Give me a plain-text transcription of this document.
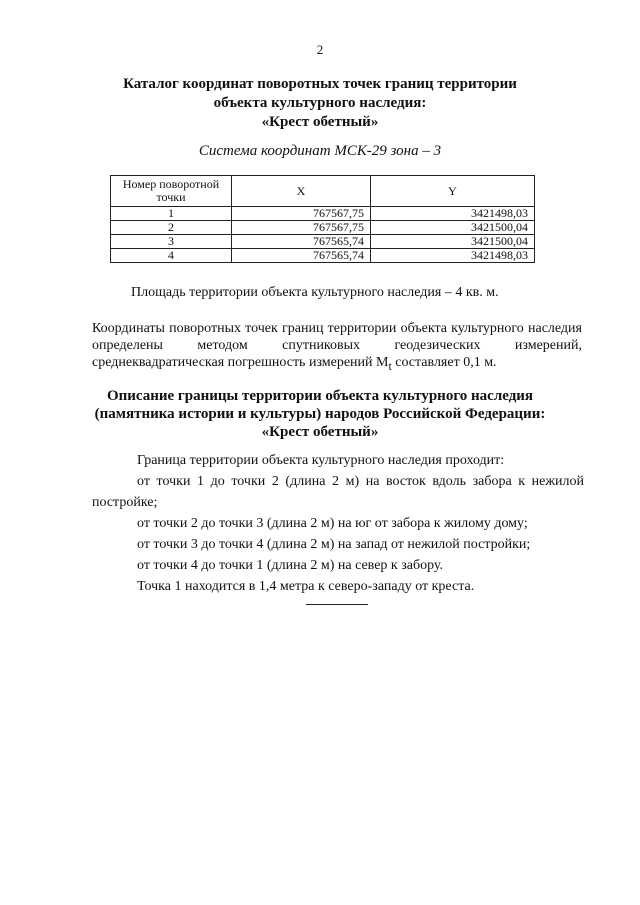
2
Каталог координат поворотных точек границ территории
объекта культурного наследия:
«Крест обетный»
Система координат МСК-29 зона – 3
Номер поворотной точки	X	Y
1	767567,75	3421498,03
2	767567,75	3421500,04
3	767565,74	3421500,04
4	767565,74	3421498,03
Площадь территории объекта культурного наследия – 4 кв. м.
Координаты поворотных точек границ территории объекта культурного наследия определены методом спутниковых геодезических измерений, среднеквадратическая погрешность измерений $M_t$ составляет 0,1 м.
Описание границы территории объекта культурного наследия
(памятника истории и культуры) народов Российской Федерации:
«Крест обетный»

Граница территории объекта культурного наследия проходит:

от точки 1 до точки 2 (длина 2 м) на восток вдоль забора к нежилой постройке;

от точки 2 до точки 3 (длина 2 м) на юг от забора к жилому дому;

от точки 3 до точки 4 (длина 2 м) на запад от нежилой постройки;

от точки 4 до точки 1 (длина 2 м) на север к забору.

Точка 1 находится в 1,4 метра к северо-западу от креста.
